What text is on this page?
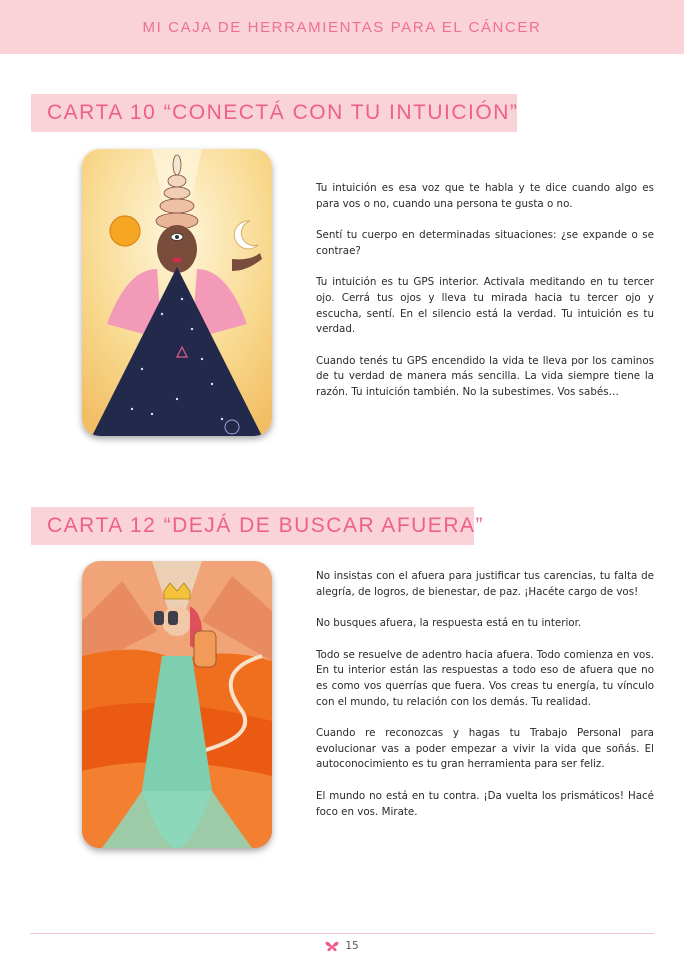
MI CAJA DE HERRAMIENTAS PARA EL CÁNCER
CARTA 10 “CONECTÁ CON TU INTUICIÓN”

Tu intuición es esa voz que te habla y te dice cuando algo es para vos o no, cuando una persona te gusta o no.

Sentí tu cuerpo en determinadas situaciones: ¿se expande o se contrae?

Tu intuición es tu GPS interior. Activala meditando en tu tercer ojo. Cerrá tus ojos y lleva tu mirada hacia tu tercer ojo y escucha, sentí. En el silencio está la verdad. Tu intuición es tu verdad.

Cuando tenés tu GPS encendido la vida te lleva por los caminos de tu verdad de manera más sencilla. La vida siempre tiene la razón. Tu intuición también. No la subestimes. Vos sabés…

CARTA 12 “DEJÁ DE BUSCAR AFUERA”

No insistas con el afuera para justificar tus carencias, tu falta de alegría, de logros, de bienestar, de paz. ¡Hacéte cargo de vos!

No busques afuera, la respuesta está en tu interior.

Todo se resuelve de adentro hacia afuera. Todo comienza en vos. En tu interior están las respuestas a todo eso de afuera que no es como vos querrías que fuera. Vos creas tu energía, tu vínculo con el mundo, tu relación con los demás. Tu realidad.

Cuando re reconozcas y hagas tu Trabajo Personal para evolucionar vas a poder empezar a vivir la vida que soñás. El autoconocimiento es tu gran herramienta para ser feliz.

El mundo no está en tu contra. ¡Da vuelta los prismáticos! Hacé foco en vos. Mirate.

15
